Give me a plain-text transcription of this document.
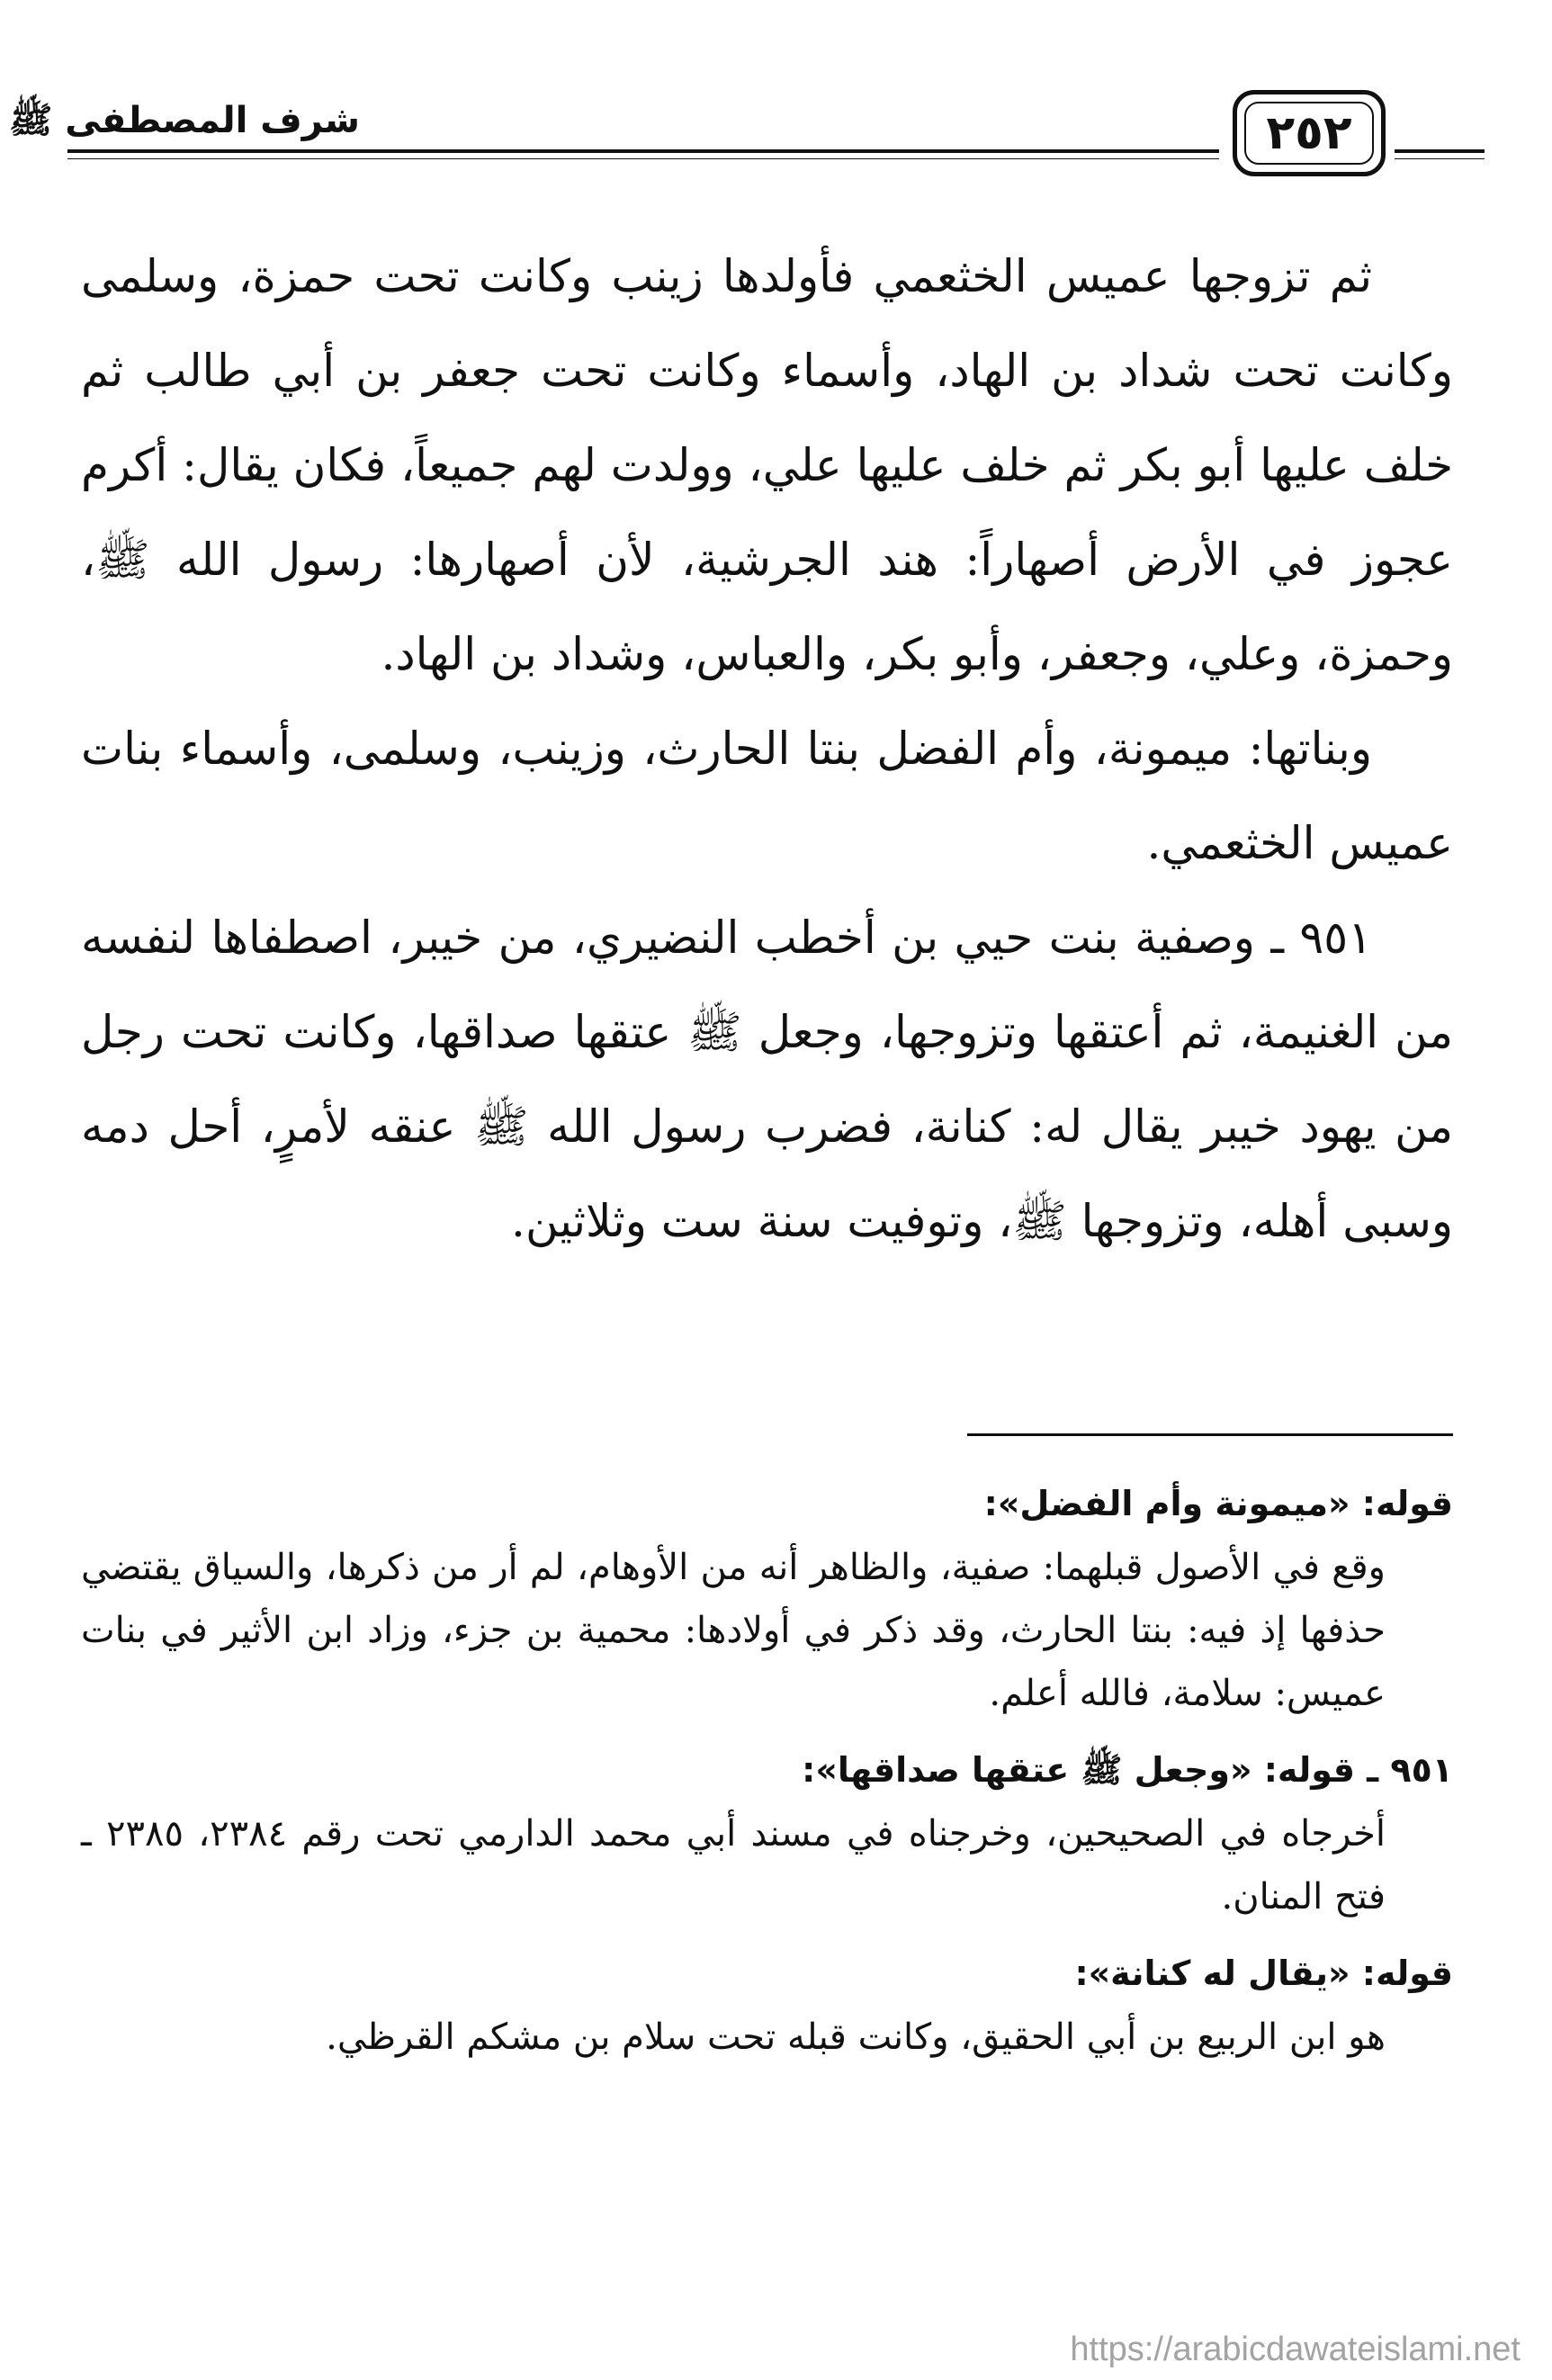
شرف المصطفى ﷺ	٢٥٢

ثم تزوجها عميس الخثعمي فأولدها زينب وكانت تحت حمزة، وسلمى وكانت تحت شداد بن الهاد، وأسماء وكانت تحت جعفر بن أبي طالب ثم خلف عليها أبو بكر ثم خلف عليها علي، وولدت لهم جميعاً، فكان يقال: أكرم عجوز في الأرض أصهاراً: هند الجرشية، لأن أصهارها: رسول الله ﷺ، وحمزة، وعلي، وجعفر، وأبو بكر، والعباس، وشداد بن الهاد.

وبناتها: ميمونة، وأم الفضل بنتا الحارث، وزينب، وسلمى، وأسماء بنات عميس الخثعمي.

٩٥١ ـ وصفية بنت حيي بن أخطب النضيري، من خيبر، اصطفاها لنفسه من الغنيمة، ثم أعتقها وتزوجها، وجعل ﷺ عتقها صداقها، وكانت تحت رجل من يهود خيبر يقال له: كنانة، فضرب رسول الله ﷺ عنقه لأمرٍ، أحل دمه وسبى أهله، وتزوجها ﷺ، وتوفيت سنة ست وثلاثين.

قوله: «ميمونة وأم الفضل»:

وقع في الأصول قبلهما: صفية، والظاهر أنه من الأوهام، لم أر من ذكرها، والسياق يقتضي حذفها إذ فيه: بنتا الحارث، وقد ذكر في أولادها: محمية بن جزء، وزاد ابن الأثير في بنات عميس: سلامة، فالله أعلم.

٩٥١ ـ قوله: «وجعل ﷺ عتقها صداقها»:

أخرجاه في الصحيحين، وخرجناه في مسند أبي محمد الدارمي تحت رقم ٢٣٨٤، ٢٣٨٥ ـ فتح المنان.

قوله: «يقال له كنانة»:

هو ابن الربيع بن أبي الحقيق، وكانت قبله تحت سلام بن مشكم القرظي.

https://arabicdawateislami.net
